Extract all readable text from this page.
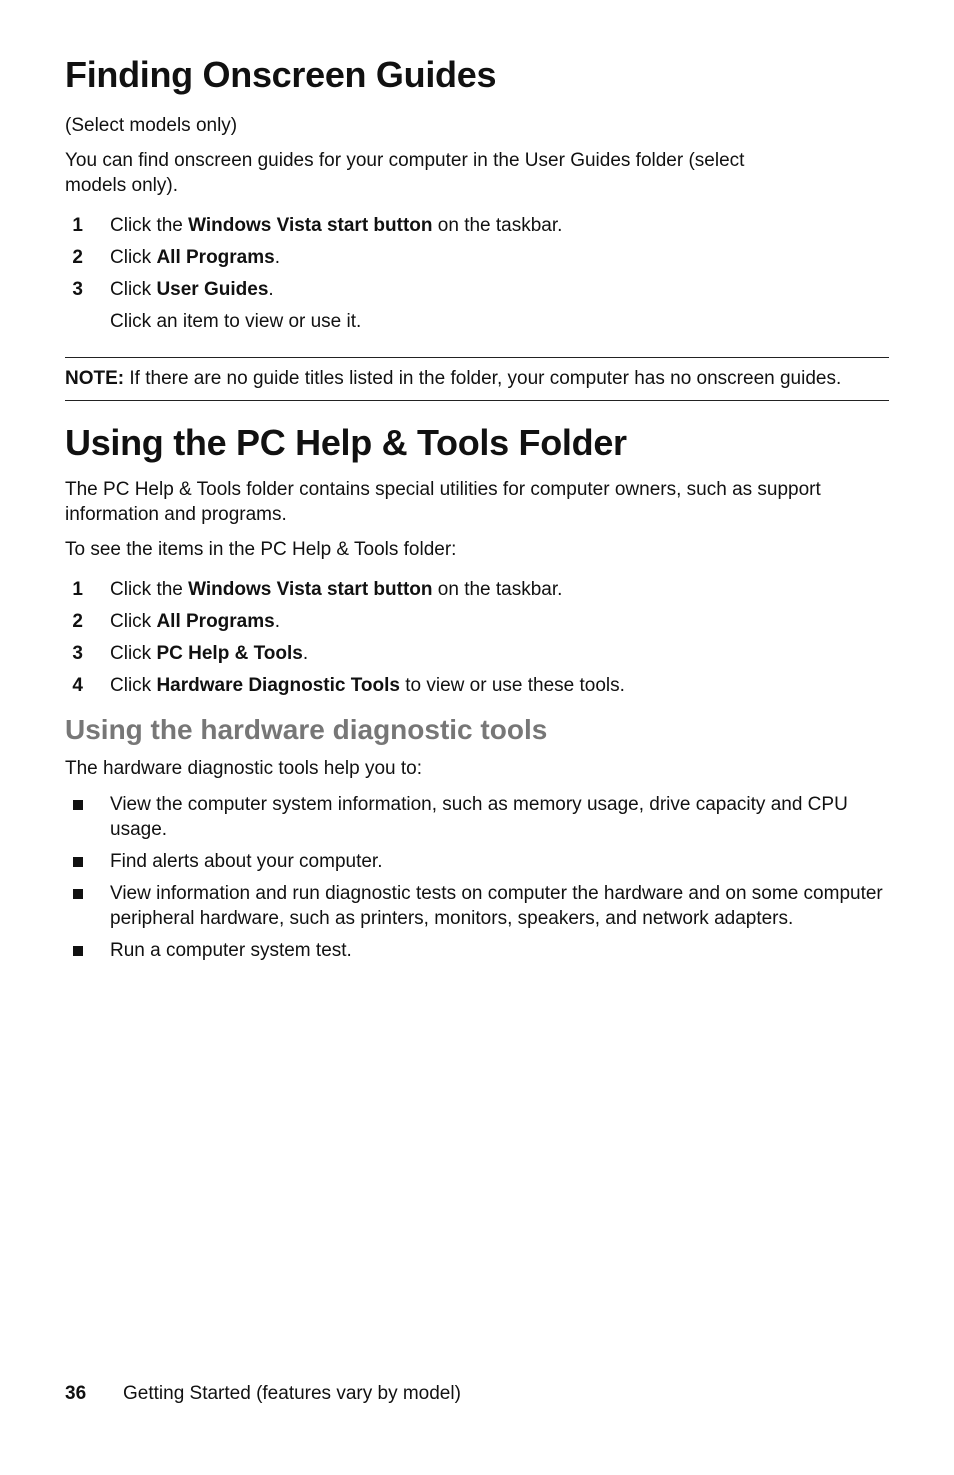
Finding Onscreen Guides

(Select models only)

You can find onscreen guides for your computer in the User Guides folder (select models only).

1 Click the Windows Vista start button on the taskbar.
2 Click All Programs.
3 Click User Guides.

Click an item to view or use it.

NOTE: If there are no guide titles listed in the folder, your computer has no onscreen guides.
Using the PC Help & Tools Folder

The PC Help & Tools folder contains special utilities for computer owners, such as support information and programs.

To see the items in the PC Help & Tools folder:

1 Click the Windows Vista start button on the taskbar.
2 Click All Programs.
3 Click PC Help & Tools.
4 Click Hardware Diagnostic Tools to view or use these tools.
Using the hardware diagnostic tools

The hardware diagnostic tools help you to:

View the computer system information, such as memory usage, drive capacity and CPU usage.
Find alerts about your computer.
View information and run diagnostic tests on computer the hardware and on some computer peripheral hardware, such as printers, monitors, speakers, and network adapters.
Run a computer system test.
36 Getting Started (features vary by model)
